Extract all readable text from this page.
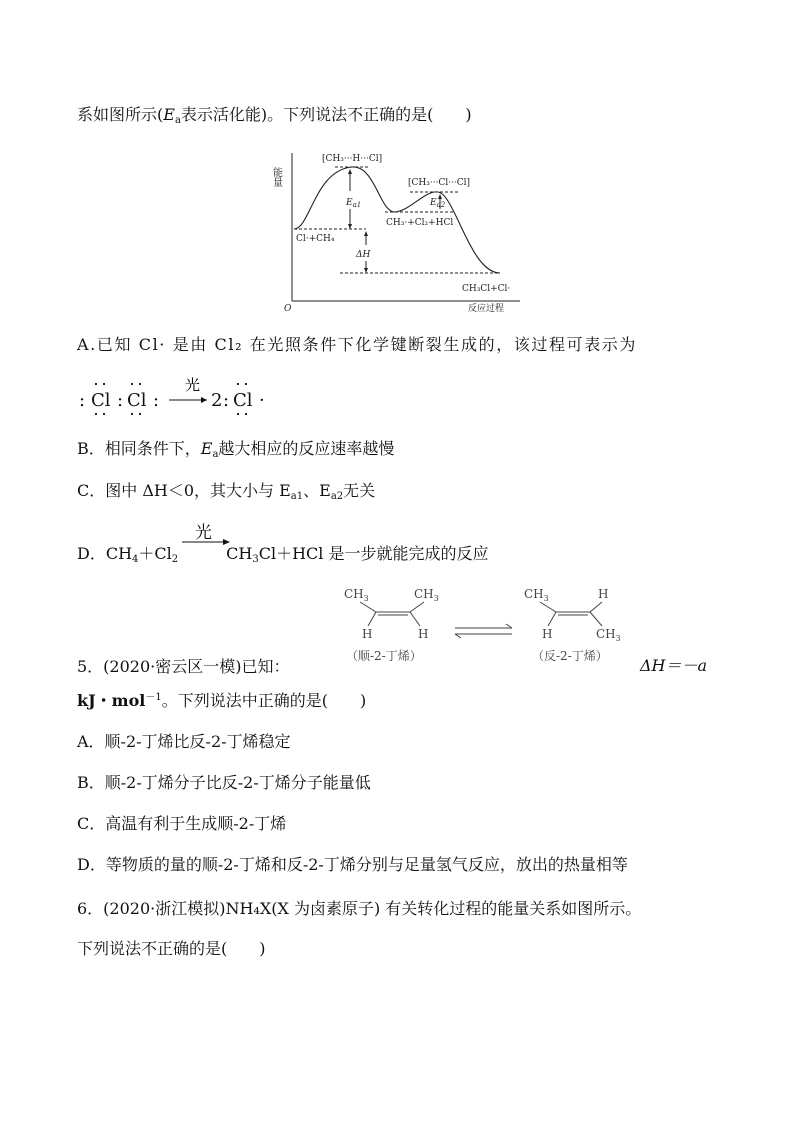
系如图所示($E_a$表示活化能)。下列说法不正确的是(　　)
能量
O	反应过程
$E_{a1}$	$E_{a2}$
ΔH
[CH₃···H···Cl]
[CH₃···Cl···Cl]
Cl·+CH₄
CH₃·+Cl₂+HCl
CH₃Cl+Cl·
A.已知 Cl· 是由 Cl₂ 在光照条件下化学键断裂生成的，该过程可表示为
: Cl : Cl :	2 : Cl ·
光
B．相同条件下，$E_a$越大相应的反应速率越慢
C．图中 ΔH＜0，其大小与 $E_{a1}$、$E_{a2}$无关
D．$CH_4+Cl_2$	$CH_3Cl+HCl$ 是一步就能完成的反应
光
$CH_3$	$CH_3$
H	H
（顺-2-丁烯）
$CH_3$	H
H	$CH_3$
（反-2-丁烯）
5．(2020·密云区一模)已知：	ΔH＝－a
kJ・mol$^{-1}$。下列说法中正确的是(　　)
A．顺-2-丁烯比反-2-丁烯稳定
B．顺-2-丁烯分子比反-2-丁烯分子能量低
C．高温有利于生成顺-2-丁烯
D．等物质的量的顺-2-丁烯和反-2-丁烯分别与足量氢气反应，放出的热量相等
6．(2020·浙江模拟)NH₄X(X 为卤素原子) 有关转化过程的能量关系如图所示。
下列说法不正确的是(　　)
